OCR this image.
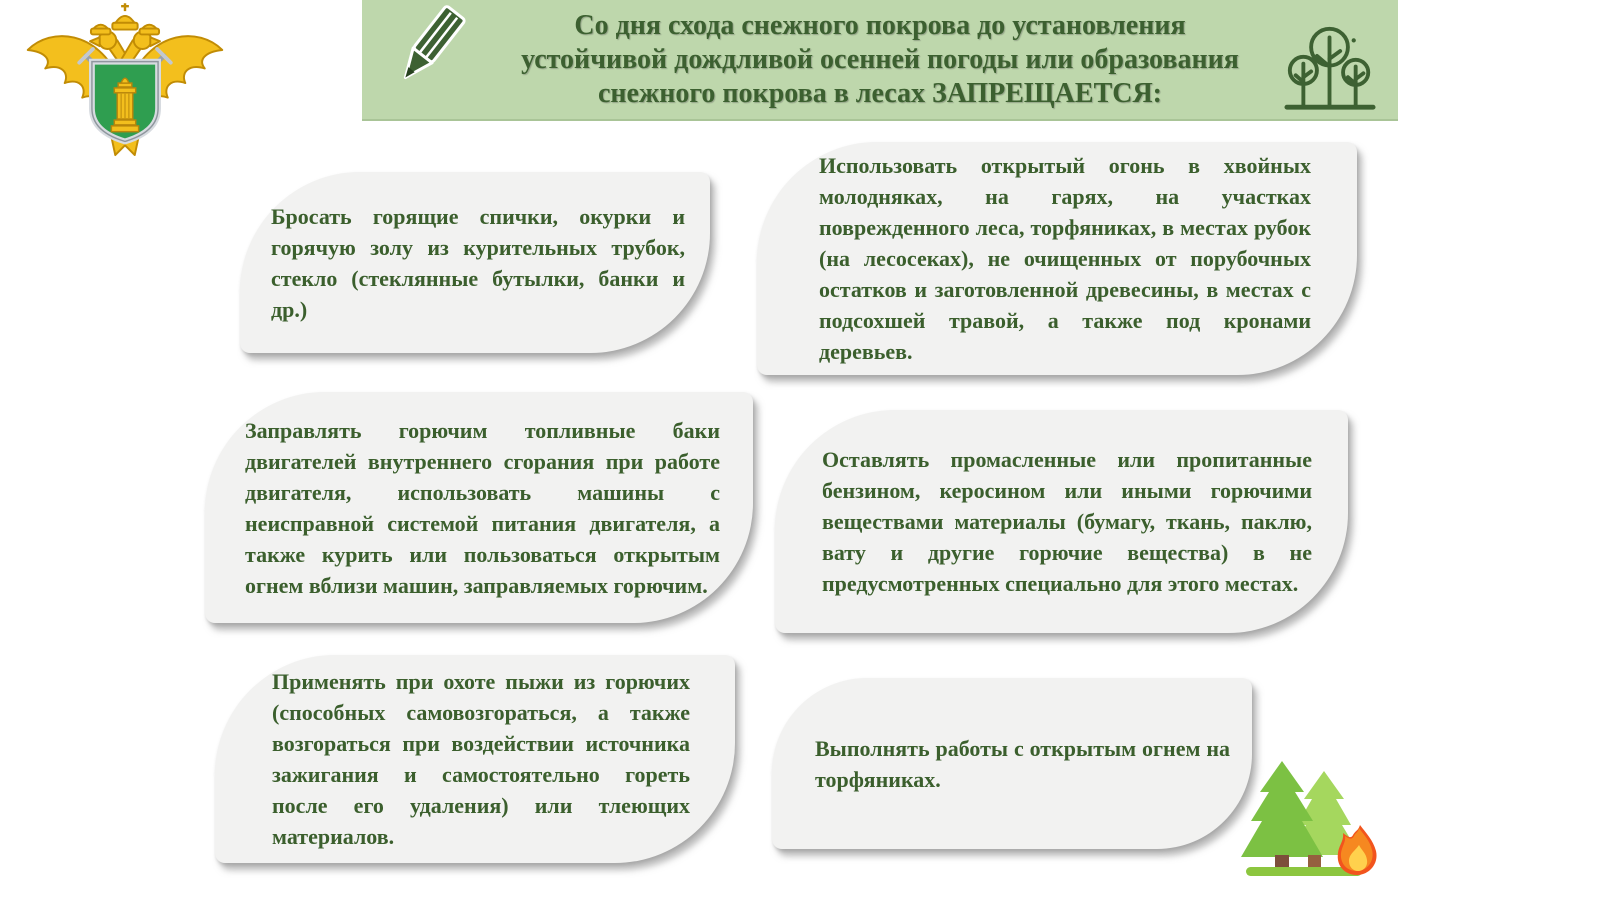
Со дня схода снежного покрова до установления
устойчивой дождливой осенней погоды или образования
снежного покрова в лесах ЗАПРЕЩАЕТСЯ:

Бросать горящие спички, окурки и горячую золу из курительных трубок, стекло (стеклянные бутылки, банки и др.)

Использовать открытый огонь в хвойных молодняках, на гарях, на участках поврежденного леса, торфяниках, в местах рубок (на лесосеках), не очищенных от порубочных остатков и заготовленной древесины, в местах с подсохшей травой, а также под кронами деревьев.

Заправлять горючим топливные баки двигателей внутреннего сгорания при работе двигателя, использовать машины с неисправной системой питания двигателя, а также курить или пользоваться открытым огнем вблизи машин, заправляемых горючим.

Оставлять промасленные или пропитанные бензином, керосином или иными горючими веществами материалы (бумагу, ткань, паклю, вату и другие горючие вещества) в не предусмотренных специально для этого местах.

Применять при охоте пыжи из горючих (способных самовозгораться, а также возгораться при воздействии источника зажигания и самостоятельно гореть после его удаления) или тлеющих материалов.

Выполнять работы с открытым огнем на торфяниках.
